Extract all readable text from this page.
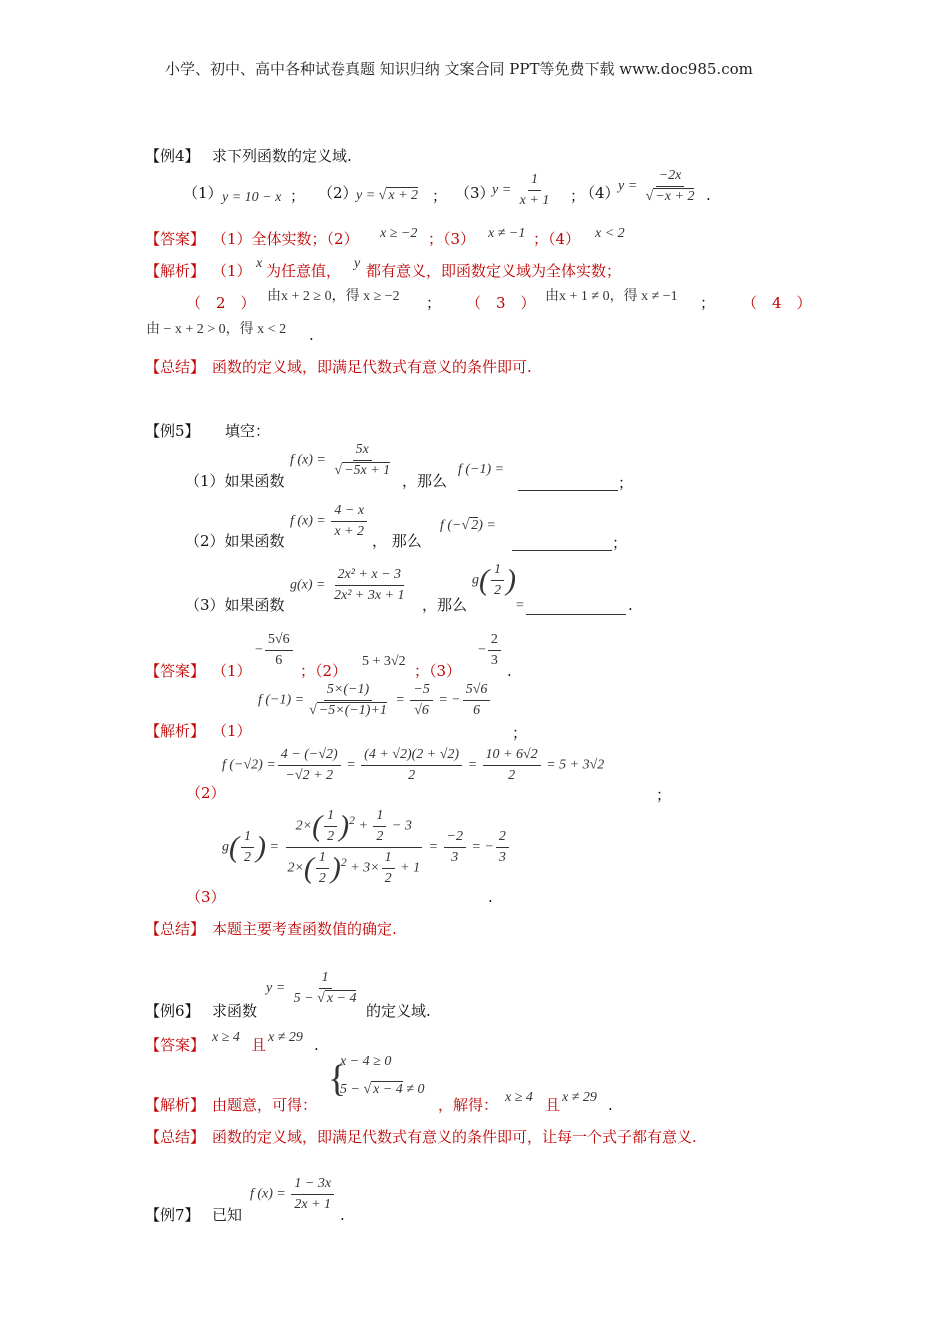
小学、初中、高中各种试卷真题 知识归纳 文案合同 PPT等免费下载 www.doc985.com
【例4】 求下列函数的定义域.
（1） y = 10 − x ； （2）
y = √ x + 2 ； （3）
$y = \frac{1}{x + 1}$ ；
（4）
$y = \frac{-2x}{√ -x + 2}$ .
【答案】 （1）全体实数；（2） x ≥ −2 ；（3） x ≠ −1 ；（4） x < 2
【解析】 （1） x 为任意值， y 都有意义，即函数定义域为全体实数；
（　2　） 由x + 2 ≥ 0，得 x ≥ −2 ； （　3　） 由x + 1 ≠ 0，得 x ≠ −1 ； （　4　）
由 − x + 2 > 0，得 x < 2 .
【总结】 函数的定义域，即满足代数式有意义的条件即可.
【例5】 填空：
（1）如果函数
f $(x) = \frac{5x}{√ -5x + 1}$ ，那么
f (−1) =
；
（2）如果函数
f $(x) = \frac{4 - x}{x + 2}$ ， 那么
f (−√ 2) =
；
（3）如果函数
$g(x) = \frac{\text{2x² + x − 3}}{\text{2x² + 3x + 1}}$ ，那么
$g( \frac{1}{2}$ )
=	.
【答案】 （1）
− $\frac{5√6}{6}$ ；（2）
5 + 3√2
；（3）
− $\frac{2}{3}$ .
【解析】 （1）
f $(-1) = \frac{5\times(-1)}{√ -5\times(-1)+1} = \frac{-5}{√6}$ = − $\frac{5√6}{6}$
；
（2）
f $(-√2) = \frac{4 - (-√2)}{-√2 + 2} = \frac{(4 + √2)(2 + √2)}{2} = \frac{10 + 6√2}{2} = 5 + 3√2$
；
$g( \frac{1}{2}$ ) = $\frac{2\times( \frac{1}{2} )^2 + \frac{1}{2} - 3}{2\times( \frac{1}{2} )^2 + 3\times \frac{1}{2} + 1} = \frac{-2}{3}$ = − $\frac{2}{3}$
（3）	.
【总结】 本题主要考查函数值的确定.
【例6】 求函数
$y = \frac{1}{5 - √ x - 4}$
的定义域.
【答案】 x ≥ 4 且 x ≠ 29 .
【解析】 由题意，可得：
{
x − 4 ≥ 0
5 − √ x − 4 ≠ 0
，解得： x ≥ 4 且 x ≠ 29 .
【总结】 函数的定义域，即满足代数式有意义的条件即可，让每一个式子都有意义.
【例7】 已知
f $(x) = \frac{1 - 3x}{2x + 1}$ .
